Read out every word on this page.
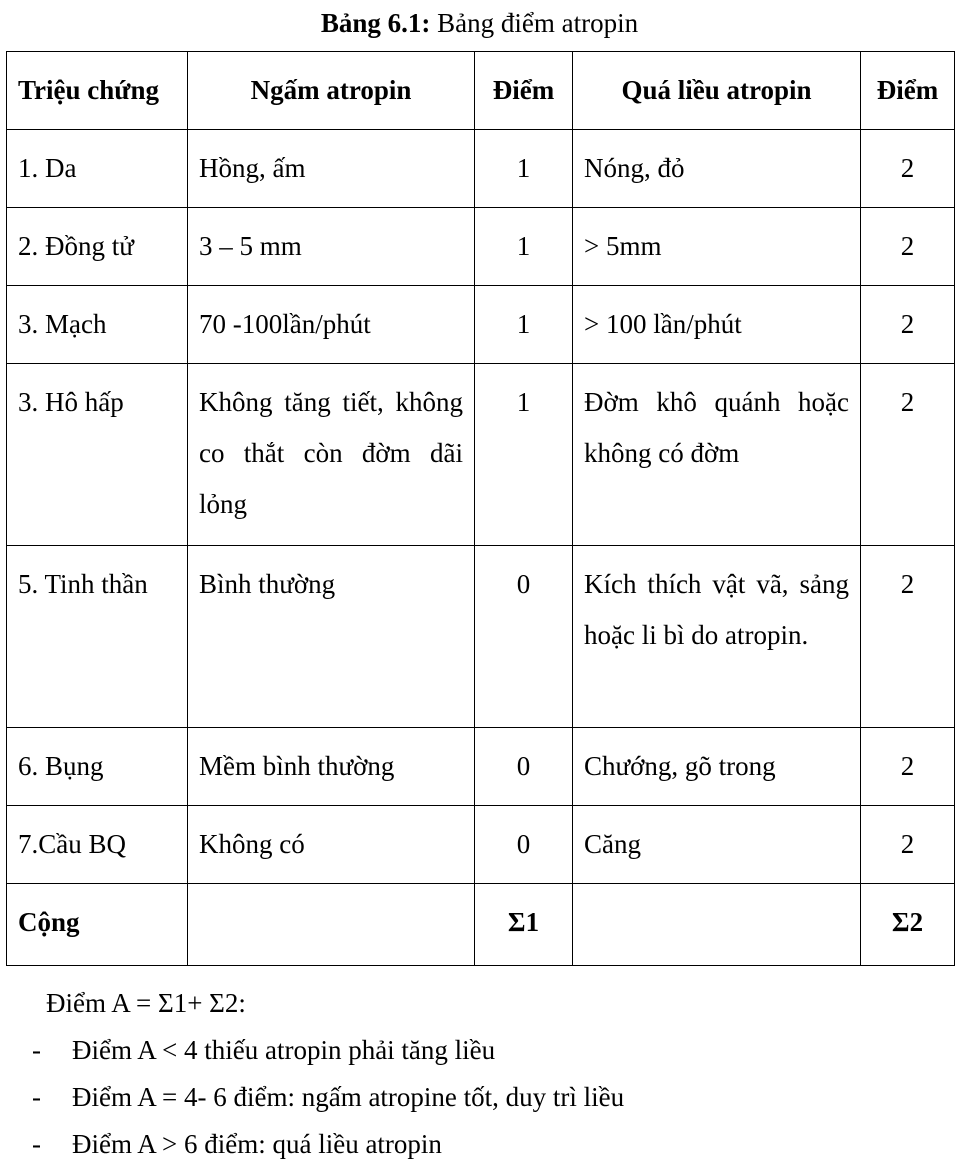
Bảng 6.1: Bảng điểm atropin
Triệu chứng	Ngấm atropin	Điểm	Quá liều atropin	Điểm
1. Da	Hồng, ấm	1	Nóng, đỏ	2
2. Đồng tử	3 – 5 mm	1	> 5mm	2
3. Mạch	70 -100lần/phút	1	> 100 lần/phút	2
3. Hô hấp	Không tăng tiết, không co thắt còn đờm dãi lỏng	1	Đờm khô quánh hoặc không có đờm	2
5. Tinh thần	Bình thường	0	Kích thích vật vã, sảng hoặc li bì do atropin.	2
6. Bụng	Mềm bình thường	0	Chướng, gõ trong	2
7.Cầu BQ	Không có	0	Căng	2
Cộng		Σ1		Σ2
Điểm A = Σ1+ Σ2:
-	Điểm A < 4 thiếu atropin phải tăng liều
-	Điểm A = 4- 6 điểm: ngấm atropine tốt, duy trì liều
-	Điểm A > 6 điểm: quá liều atropin
